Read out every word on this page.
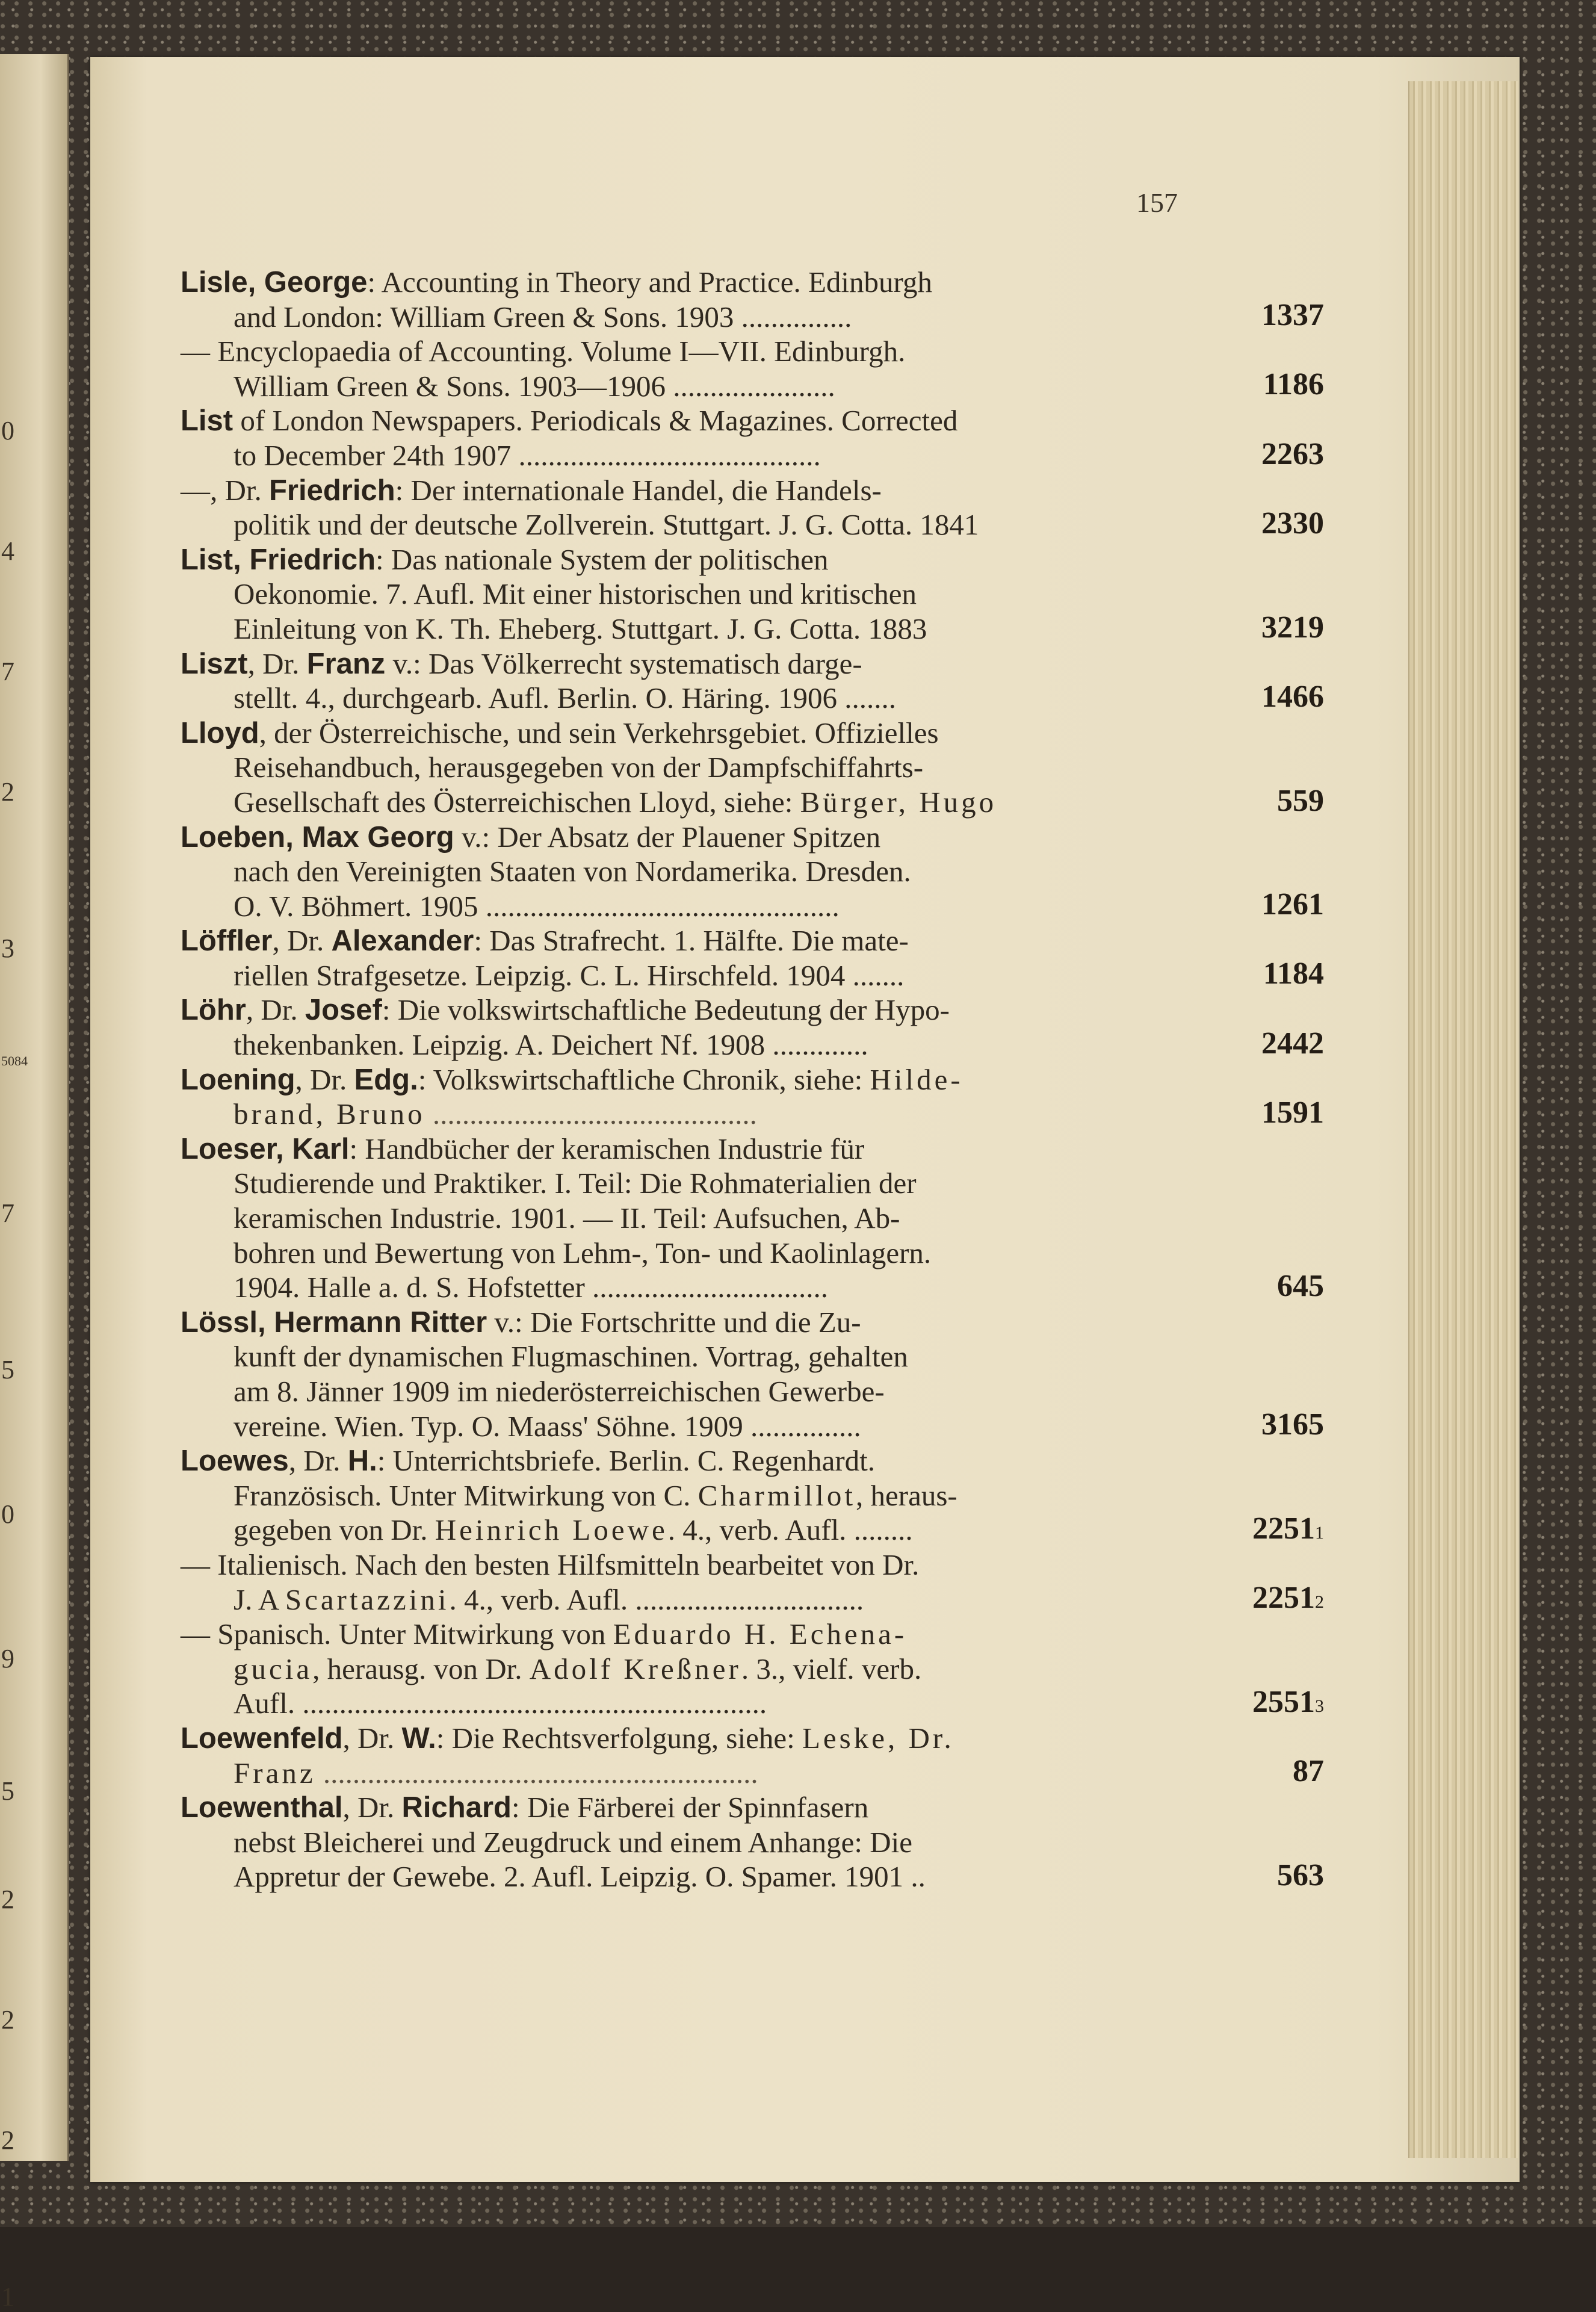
0
4
7
2
3
5084
7
5
0
9
5
2
2
2
1
157
Lisle, George: Accounting in Theory and Practice. Edinburgh
and London: William Green & Sons. 1903 ...............	1337
— Encyclopaedia of Accounting. Volume I—VII. Edinburgh.
William Green & Sons. 1903—1906 ......................	1186
List of London Newspapers. Periodicals & Magazines. Corrected
to December 24th 1907 .........................................	2263
—, Dr. Friedrich: Der internationale Handel, die Handels-
politik und der deutsche Zollverein. Stuttgart. J. G. Cotta. 1841	2330
List, Friedrich: Das nationale System der politischen
Oekonomie. 7. Aufl. Mit einer historischen und kritischen
Einleitung von K. Th. Eheberg. Stuttgart. J. G. Cotta. 1883	3219
Liszt, Dr. Franz v.: Das Völkerrecht systematisch darge-
stellt. 4., durchgearb. Aufl. Berlin. O. Häring. 1906 .......	1466
Lloyd, der Österreichische, und sein Verkehrsgebiet. Offizielles
Reisehandbuch, herausgegeben von der Dampfschiffahrts-
Gesellschaft des Österreichischen Lloyd, siehe: Bürger, Hugo	559
Loeben, Max Georg v.: Der Absatz der Plauener Spitzen
nach den Vereinigten Staaten von Nordamerika. Dresden.
O. V. Böhmert. 1905 ................................................	1261
Löffler, Dr. Alexander: Das Strafrecht. 1. Hälfte. Die mate-
riellen Strafgesetze. Leipzig. C. L. Hirschfeld. 1904 .......	1184
Löhr, Dr. Josef: Die volkswirtschaftliche Bedeutung der Hypo-
thekenbanken. Leipzig. A. Deichert Nf. 1908 .............	2442
Loening, Dr. Edg.: Volkswirtschaftliche Chronik, siehe: Hilde-
brand, Bruno ............................................	1591
Loeser, Karl: Handbücher der keramischen Industrie für
Studierende und Praktiker. I. Teil: Die Rohmaterialien der
keramischen Industrie. 1901. — II. Teil: Aufsuchen, Ab-
bohren und Bewertung von Lehm-, Ton- und Kaolinlagern.
1904. Halle a. d. S. Hofstetter ................................	645
Lössl, Hermann Ritter v.: Die Fortschritte und die Zu-
kunft der dynamischen Flugmaschinen. Vortrag, gehalten
am 8. Jänner 1909 im niederösterreichischen Gewerbe-
vereine. Wien. Typ. O. Maass' Söhne. 1909 ...............	3165
Loewes, Dr. H.: Unterrichtsbriefe. Berlin. C. Regenhardt.
Französisch. Unter Mitwirkung von C. Charmillot, heraus-
gegeben von Dr. Heinrich Loewe. 4., verb. Aufl. ........	22511
— Italienisch. Nach den besten Hilfsmitteln bearbeitet von Dr.
J. A Scartazzini. 4., verb. Aufl. ...............................	22512
— Spanisch. Unter Mitwirkung von Eduardo H. Echena-
gucia, herausg. von Dr. Adolf Kreßner. 3., vielf. verb.
Aufl. ...............................................................	25513
Loewenfeld, Dr. W.: Die Rechtsverfolgung, siehe: Leske, Dr.
Franz ...........................................................	87
Loewenthal, Dr. Richard: Die Färberei der Spinnfasern
nebst Bleicherei und Zeugdruck und einem Anhange: Die
Appretur der Gewebe. 2. Aufl. Leipzig. O. Spamer. 1901 ..	563
